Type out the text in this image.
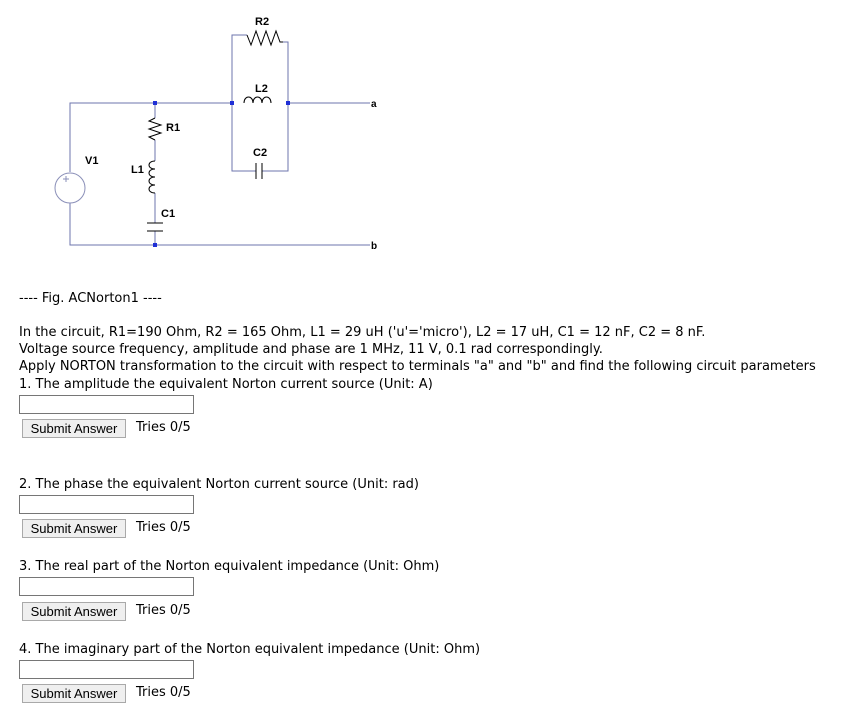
R2
L2
C2
R1
V1
L1
C1
a
b
---- Fig. ACNorton1 ----
In the circuit, R1=190 Ohm, R2 = 165 Ohm, L1 = 29 uH ('u'='micro'), L2 = 17 uH, C1 = 12 nF, C2 = 8 nF.
Voltage source frequency, amplitude and phase are 1 MHz, 11 V, 0.1 rad correspondingly.
Apply NORTON transformation to the circuit with respect to terminals "a" and "b" and find the following circuit parameters
1. The amplitude the equivalent Norton current source (Unit: A)
Submit Answer	Tries 0/5
2. The phase the equivalent Norton current source (Unit: rad)
Submit Answer	Tries 0/5
3. The real part of the Norton equivalent impedance (Unit: Ohm)
Submit Answer	Tries 0/5
4. The imaginary part of the Norton equivalent impedance (Unit: Ohm)
Submit Answer	Tries 0/5
